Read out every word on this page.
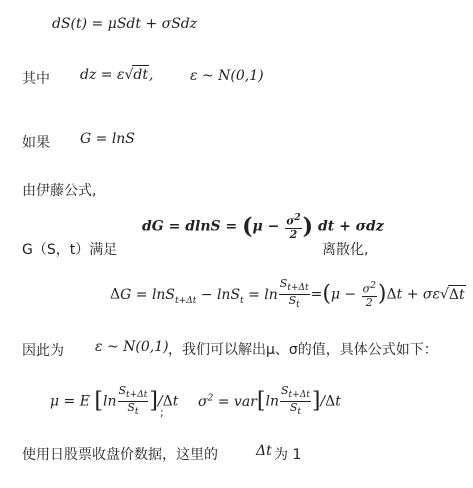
dS(t) = μSdt + σSdz
其中 dz = ε√dt,	ε ~ N(0,1)
如果 G = lnS
由伊藤公式,
dG = $dlnS = (\mu - \frac{\sigma^2}{2}$ ) dt + σdz
G（S，t）满足	离散化,
$\Delta G = \ln S_{t+\Delta t} - \ln S_t = \ln \frac{S_{t+\Delta t}}{S_t} =(\mu - \frac{\sigma^2}{2} )\Delta t + \sigma\varepsilon√\Delta t$
因此为 ε ~ N(0,1) ，我们可以解出μ、σ的值，具体公式如下：
μ = E $[\ln \frac{S_{t+\Delta t}}{S_t} ]/\Delta t$
;
$\sigma^2 = var[\ln \frac{S_{t+\Delta t}}{S_t} ]/\Delta t$
使用日股票收盘价数据，这里的	Δt 为 1
